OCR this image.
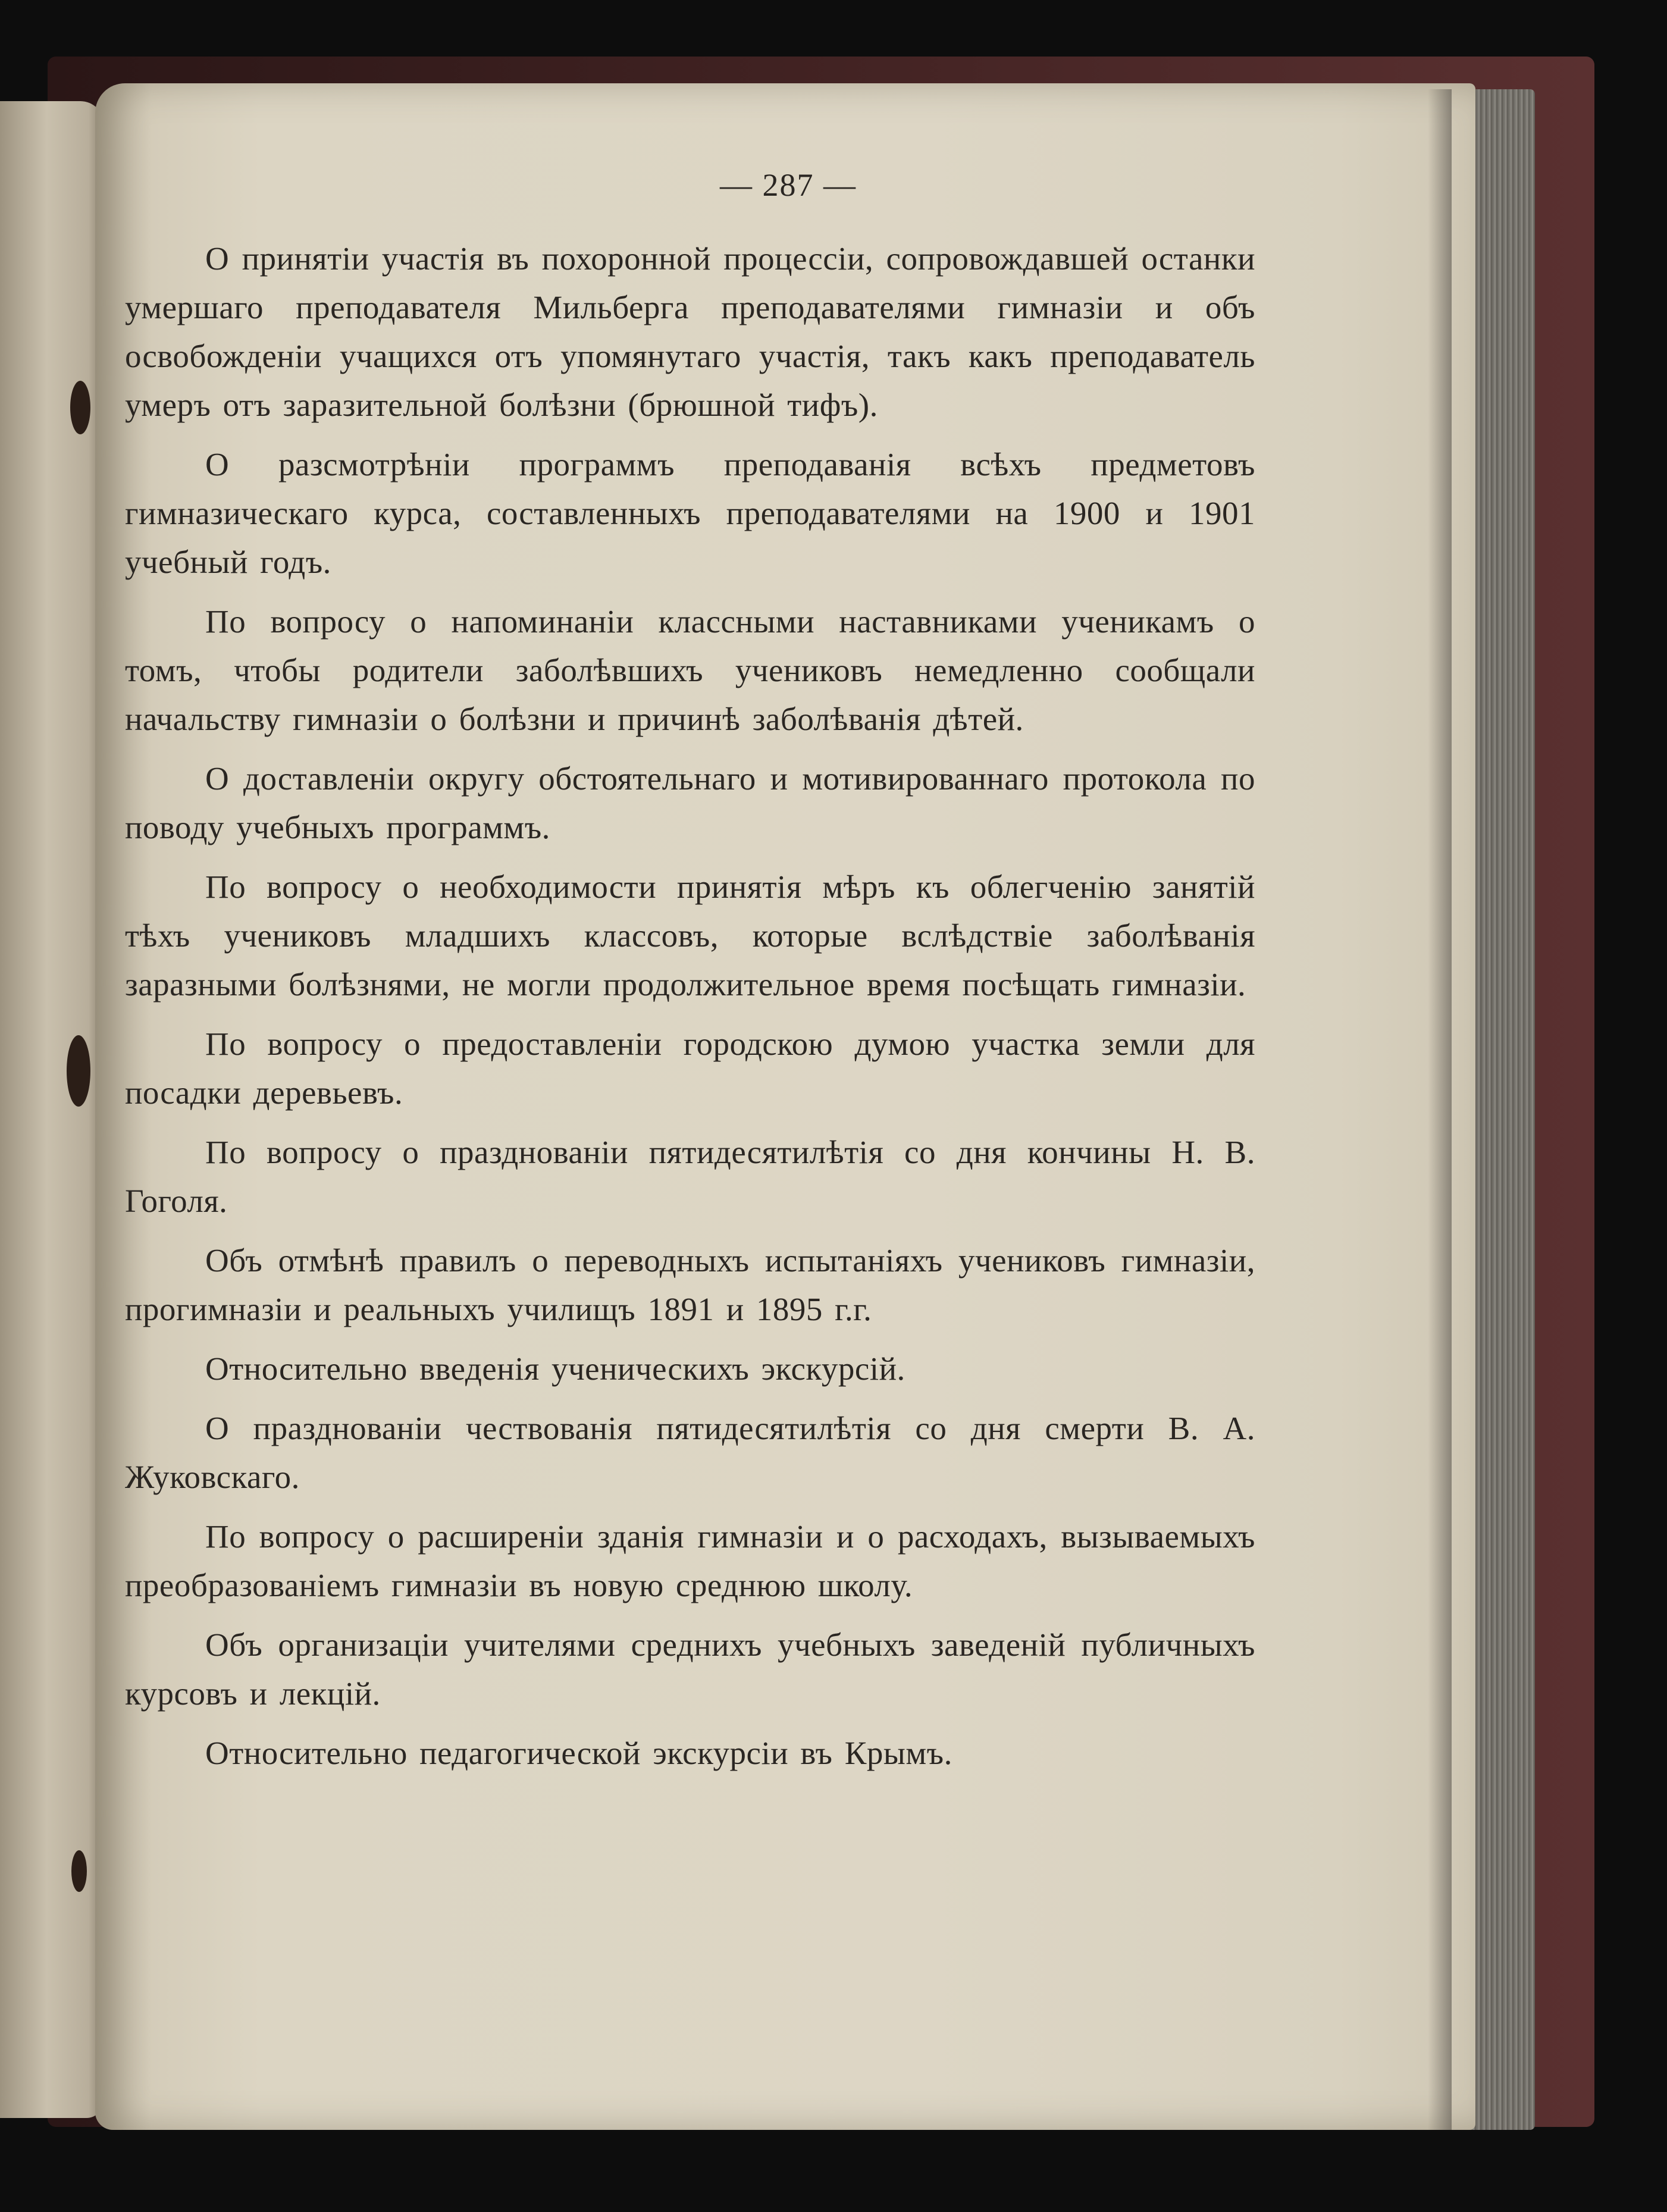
— 287 —

О принятіи участія въ похоронной процессіи, сопровождавшей останки умершаго преподавателя Мильберга преподавателями гимназіи и объ освобожденіи учащихся отъ упомянутаго участія, такъ какъ преподаватель умеръ отъ заразительной болѣзни (брюшной тифъ).

О разсмотрѣніи программъ преподаванія всѣхъ предметовъ гимназическаго курса, составленныхъ преподавателями на 1900 и 1901 учебный годъ.

По вопросу о напоминаніи классными наставниками ученикамъ о томъ, чтобы родители заболѣвшихъ учениковъ немедленно сообщали начальству гимназіи о болѣзни и причинѣ заболѣванія дѣтей.

О доставленіи округу обстоятельнаго и мотивированнаго протокола по поводу учебныхъ программъ.

По вопросу о необходимости принятія мѣръ къ облегченію занятій тѣхъ учениковъ младшихъ классовъ, которые вслѣдствіе заболѣванія заразными болѣзнями, не могли продолжительное время посѣщать гимназіи.

По вопросу о предоставленіи городскою думою участка земли для посадки деревьевъ.

По вопросу о празднованіи пятидесятилѣтія со дня кончины Н. В. Гоголя.

Объ отмѣнѣ правилъ о переводныхъ испытаніяхъ учениковъ гимназіи, прогимназіи и реальныхъ училищъ 1891 и 1895 г.г.

Относительно введенія ученическихъ экскурсій.

О празднованіи чествованія пятидесятилѣтія со дня смерти В. А. Жуковскаго.

По вопросу о расширеніи зданія гимназіи и о расходахъ, вызываемыхъ преобразованіемъ гимназіи въ новую среднюю школу.

Объ организаціи учителями среднихъ учебныхъ заведеній публичныхъ курсовъ и лекцій.

Относительно педагогической экскурсіи въ Крымъ.
